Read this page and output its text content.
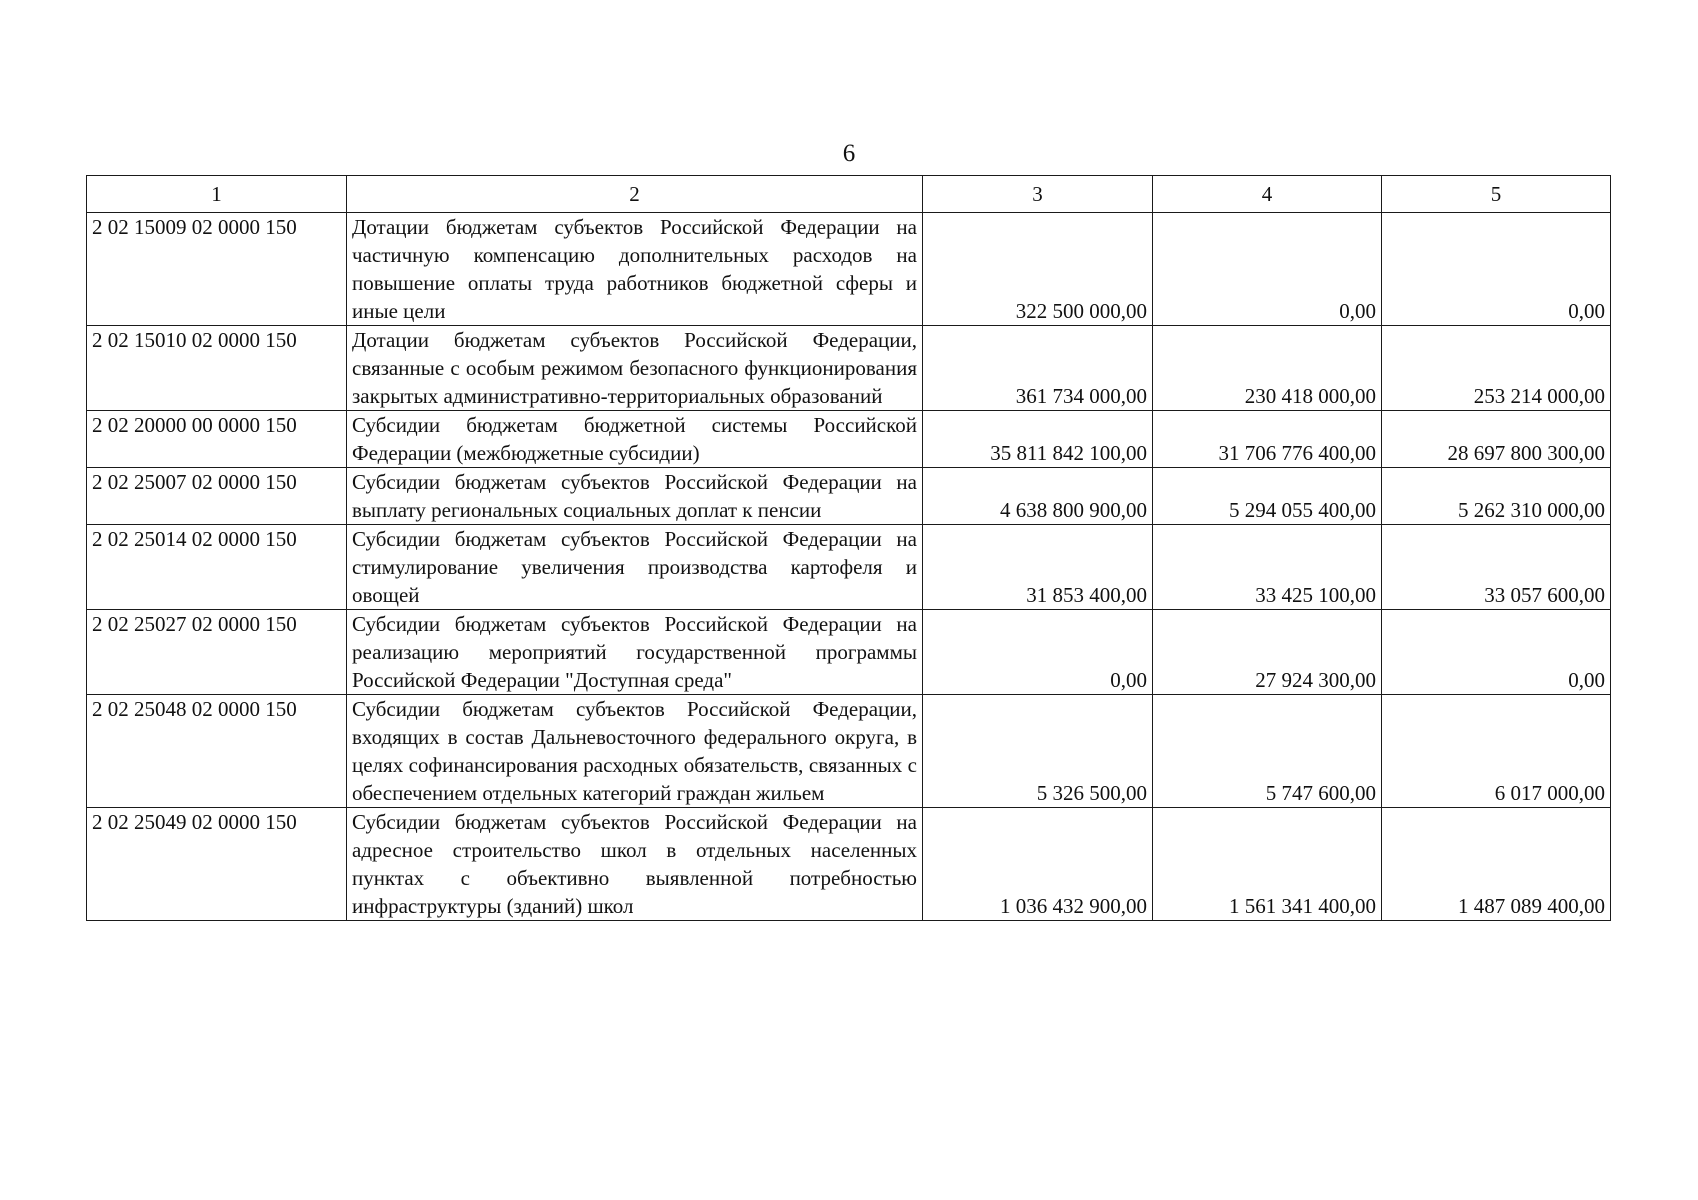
6
1	2	3	4	5
2 02 15009 02 0000 150	Дотации бюджетам субъектов Российской Федерации на частичную компенсацию дополнительных расходов на повышение оплаты труда работников бюджетной сферы и иные цели	322 500 000,00	0,00	0,00
2 02 15010 02 0000 150	Дотации бюджетам субъектов Российской Федерации, связанные с особым режимом безопасного функционирования закрытых административно-территориальных образований	361 734 000,00	230 418 000,00	253 214 000,00
2 02 20000 00 0000 150	Субсидии бюджетам бюджетной системы Российской Федерации (межбюджетные субсидии)	35 811 842 100,00	31 706 776 400,00	28 697 800 300,00
2 02 25007 02 0000 150	Субсидии бюджетам субъектов Российской Федерации на выплату региональных социальных доплат к пенсии	4 638 800 900,00	5 294 055 400,00	5 262 310 000,00
2 02 25014 02 0000 150	Субсидии бюджетам субъектов Российской Федерации на стимулирование увеличения производства картофеля и овощей	31 853 400,00	33 425 100,00	33 057 600,00
2 02 25027 02 0000 150	Субсидии бюджетам субъектов Российской Федерации на реализацию мероприятий государственной программы Российской Федерации "Доступная среда"	0,00	27 924 300,00	0,00
2 02 25048 02 0000 150	Субсидии бюджетам субъектов Российской Федерации, входящих в состав Дальневосточного федерального округа, в целях софинансирования расходных обязательств, связанных с обеспечением отдельных категорий граждан жильем	5 326 500,00	5 747 600,00	6 017 000,00
2 02 25049 02 0000 150	Субсидии бюджетам субъектов Российской Федерации на адресное строительство школ в отдельных населенных пунктах с объективно выявленной потребностью инфраструктуры (зданий) школ	1 036 432 900,00	1 561 341 400,00	1 487 089 400,00
